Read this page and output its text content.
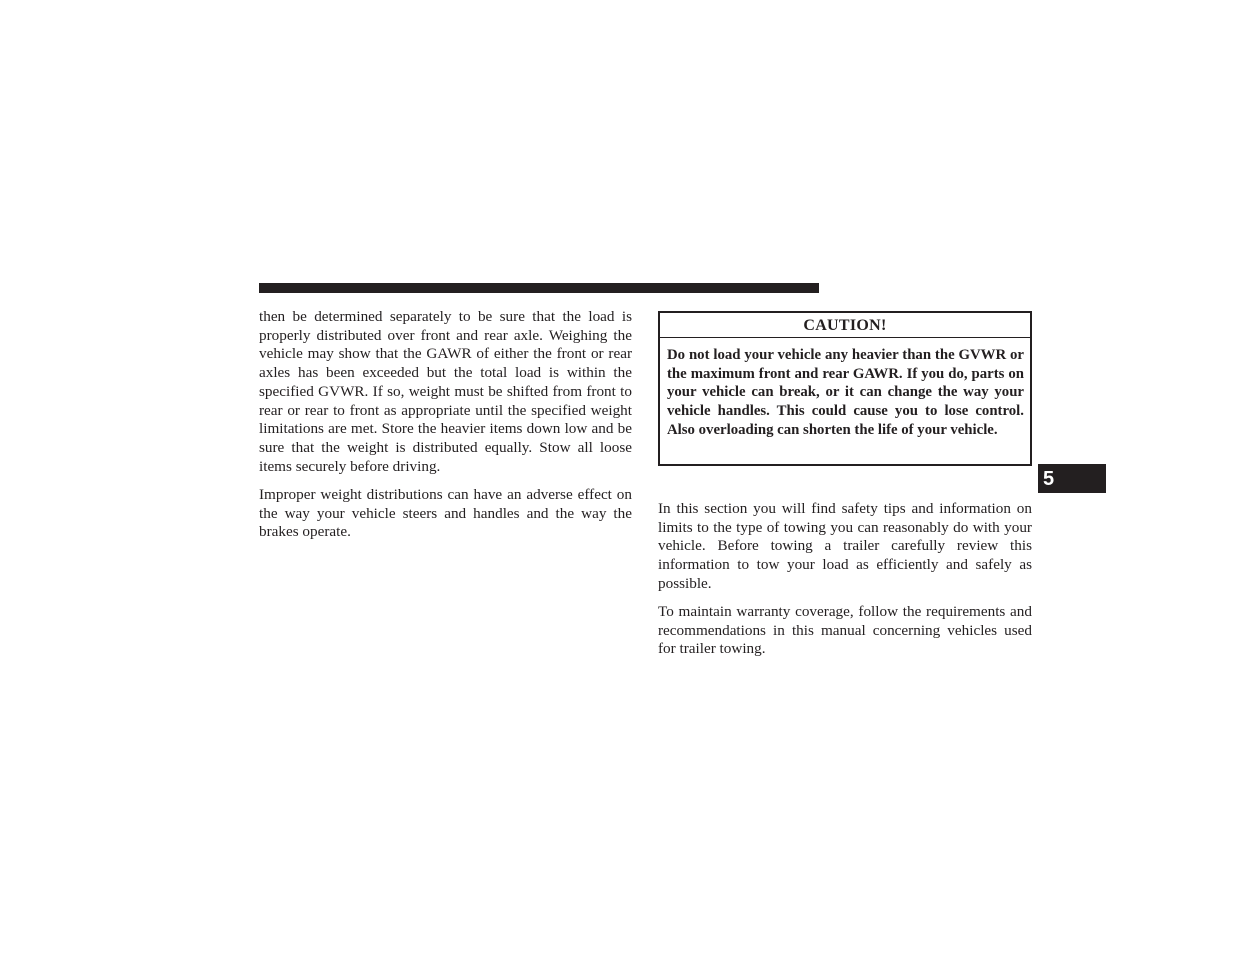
then be determined separately to be sure that the load is properly distributed over front and rear axle. Weighing the vehicle may show that the GAWR of either the front or rear axles has been exceeded but the total load is within the specified GVWR. If so, weight must be shifted from front to rear or rear to front as appropriate until the specified weight limitations are met. Store the heavier items down low and be sure that the weight is distributed equally. Stow all loose items securely before driving.

Improper weight distributions can have an adverse effect on the way your vehicle steers and handles and the way the brakes operate.

CAUTION!
Do not load your vehicle any heavier than the GVWR or the maximum front and rear GAWR. If you do, parts on your vehicle can break, or it can change the way your vehicle handles. This could cause you to lose control. Also overloading can shorten the life of your vehicle.
5

In this section you will find safety tips and information on limits to the type of towing you can reasonably do with your vehicle. Before towing a trailer carefully review this information to tow your load as efficiently and safely as possible.

To maintain warranty coverage, follow the requirements and recommendations in this manual concerning vehicles used for trailer towing.
